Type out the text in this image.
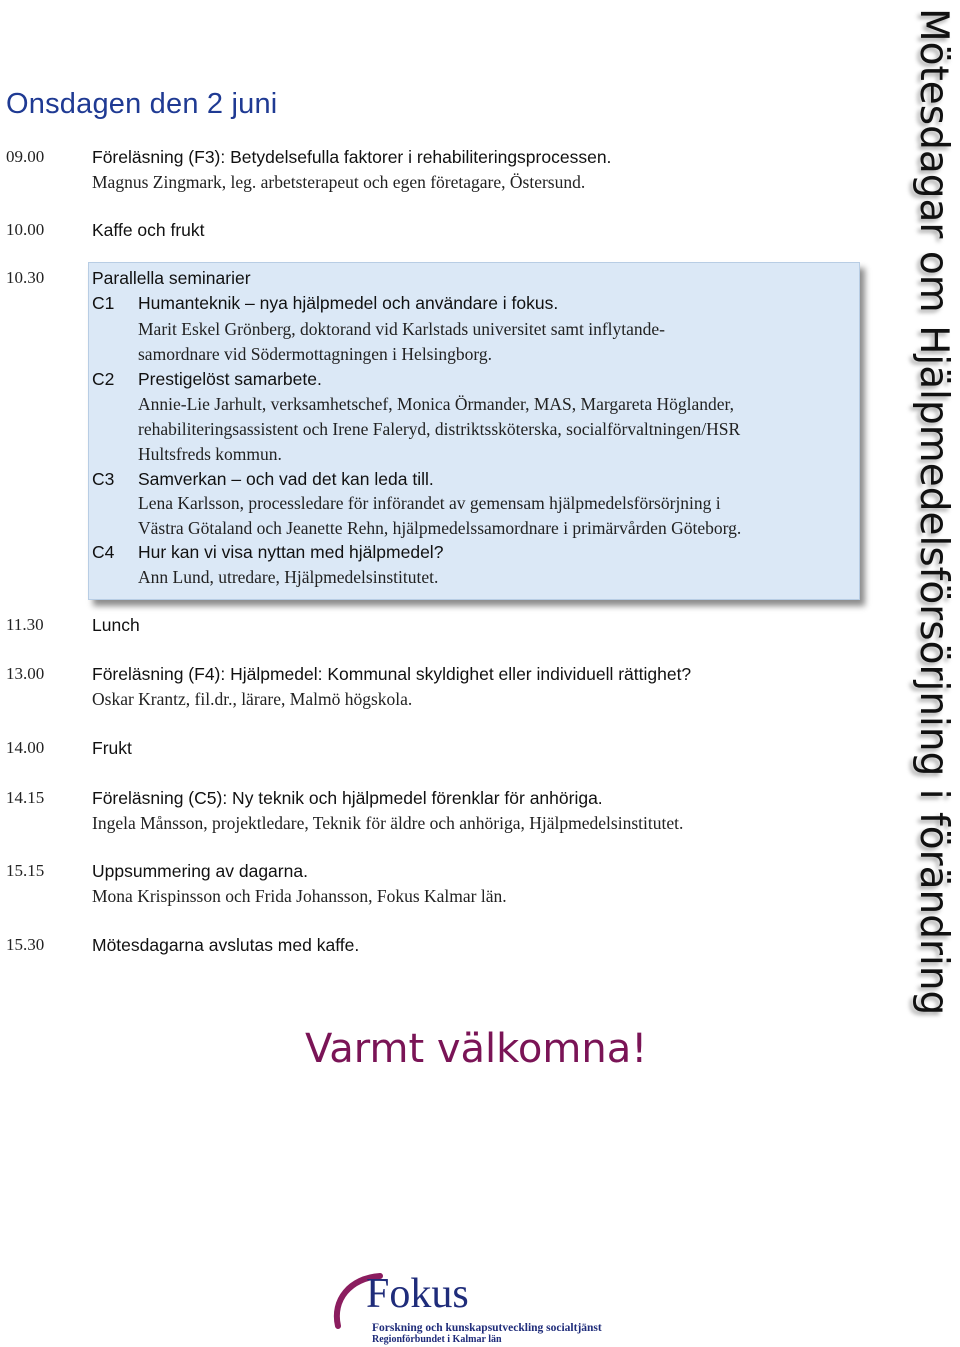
Onsdagen den 2 juni
09.00	Föreläsning (F3): Betydelsefulla faktorer i rehabiliteringsprocessen.
Magnus Zingmark, leg. arbetsterapeut och egen företagare, Östersund.
10.00	Kaffe och frukt
10.30	Parallella seminarier
C1 Humanteknik – nya hjälpmedel och användare i fokus.
Marit Eskel Grönberg, doktorand vid Karlstads universitet samt inflytande-
samordnare vid Södermottagningen i Helsingborg.
C2 Prestigelöst samarbete.
Annie-Lie Jarhult, verksamhetschef, Monica Örmander, MAS, Margareta Höglander,
rehabiliteringsassistent och Irene Faleryd, distriktssköterska, socialförvaltningen/HSR
Hultsfreds kommun.
C3 Samverkan – och vad det kan leda till.
Lena Karlsson, processledare för införandet av gemensam hjälpmedelsförsörjning i
Västra Götaland och Jeanette Rehn, hjälpmedelssamordnare i primärvården Göteborg.
C4 Hur kan vi visa nyttan med hjälpmedel?
Ann Lund, utredare, Hjälpmedelsinstitutet.
11.30	Lunch
13.00	Föreläsning (F4): Hjälpmedel: Kommunal skyldighet eller individuell rättighet?
Oskar Krantz, fil.dr., lärare, Malmö högskola.
14.00	Frukt
14.15	Föreläsning (C5): Ny teknik och hjälpmedel förenklar för anhöriga.
Ingela Månsson, projektledare, Teknik för äldre och anhöriga, Hjälpmedelsinstitutet.
15.15	Uppsummering av dagarna.
Mona Krispinsson och Frida Johansson, Fokus Kalmar län.
15.30	Mötesdagarna avslutas med kaffe.
Varmt välkomna!
Mötesdagar om Hjälpmedelsförsörjning i förändring
Fokus
Forskning och kunskapsutveckling socialtjänst
Regionförbundet i Kalmar län
